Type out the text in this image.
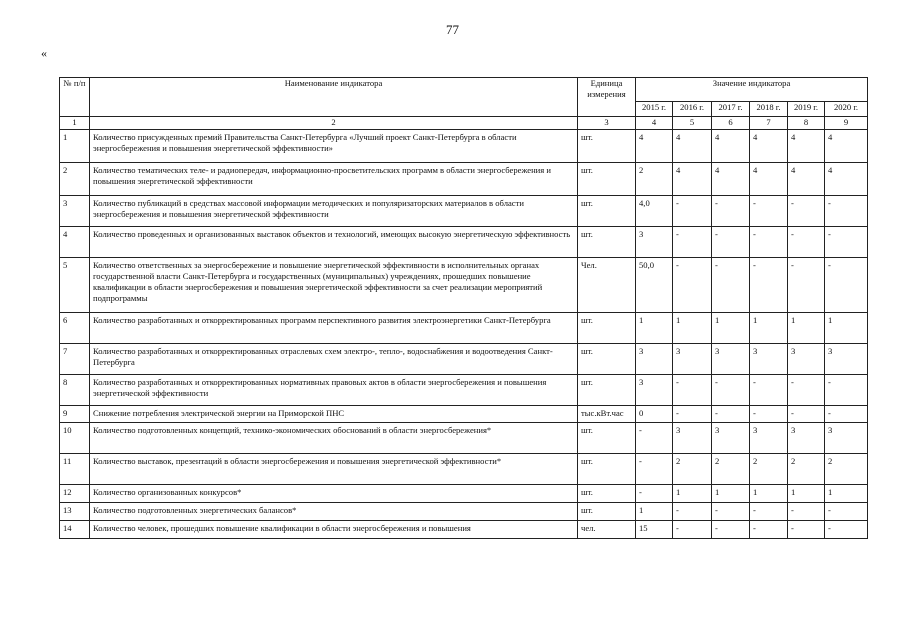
77
«
№ п/п	Наименование индикатора	Единица измерения	Значение индикатора					
			2015 г.	2016 г.	2017 г.	2018 г.	2019 г.	2020 г.
1	2	3	4	5	6	7	8	9
1	Количество присужденных премий Правительства Санкт-Петербурга «Лучший проект Санкт-Петербурга в области энергосбережения и повышения энергетической эффективности»	шт.	4	4	4	4	4	4
2	Количество тематических теле- и радиопередач, информационно-просветительских программ в области энергосбережения и повышения энергетической эффективности	шт.	2	4	4	4	4	4
3	Количество публикаций в средствах массовой информации методических и популяризаторских материалов в области энергосбережения и повышения энергетической эффективности	шт.	4,0	-	-	-	-	-
4	Количество проведенных и организованных выставок объектов и технологий, имеющих высокую энергетическую эффективность	шт.	3	-	-	-	-	-
5	Количество ответственных за энергосбережение и повышение энергетической эффективности в исполнительных органах государственной власти Санкт-Петербурга и государственных (муниципальных) учреждениях, прошедших повышение квалификации в области энергосбережения и повышения энергетической эффективности за счет реализации мероприятий подпрограммы	Чел.	50,0	-	-	-	-	-
6	Количество разработанных и откорректированных программ перспективного развития электроэнергетики Санкт-Петербурга	шт.	1	1	1	1	1	1
7	Количество разработанных и откорректированных отраслевых схем электро-, тепло-, водоснабжения и водоотведения Санкт-Петербурга	шт.	3	3	3	3	3	3
8	Количество разработанных и откорректированных нормативных правовых актов в области энергосбережения и повышения энергетической эффективности	шт.	3	-	-	-	-	-
9	Снижение потребления электрической энергии на Приморской ПНС	тыс.кВт.час	0	-	-	-	-	-
10	Количество подготовленных концепций, технико-экономических обоснований в области энергосбережения*	шт.	-	3	3	3	3	3
11	Количество выставок, презентаций в области энергосбережения и повышения энергетической эффективности*	шт.	-	2	2	2	2	2
12	Количество организованных конкурсов*	шт.	-	1	1	1	1	1
13	Количество подготовленных энергетических балансов*	шт.	1	-	-	-	-	-
14	Количество человек, прошедших повышение квалификации в области энергосбережения и повышения	чел.	15	-	-	-	-	-
